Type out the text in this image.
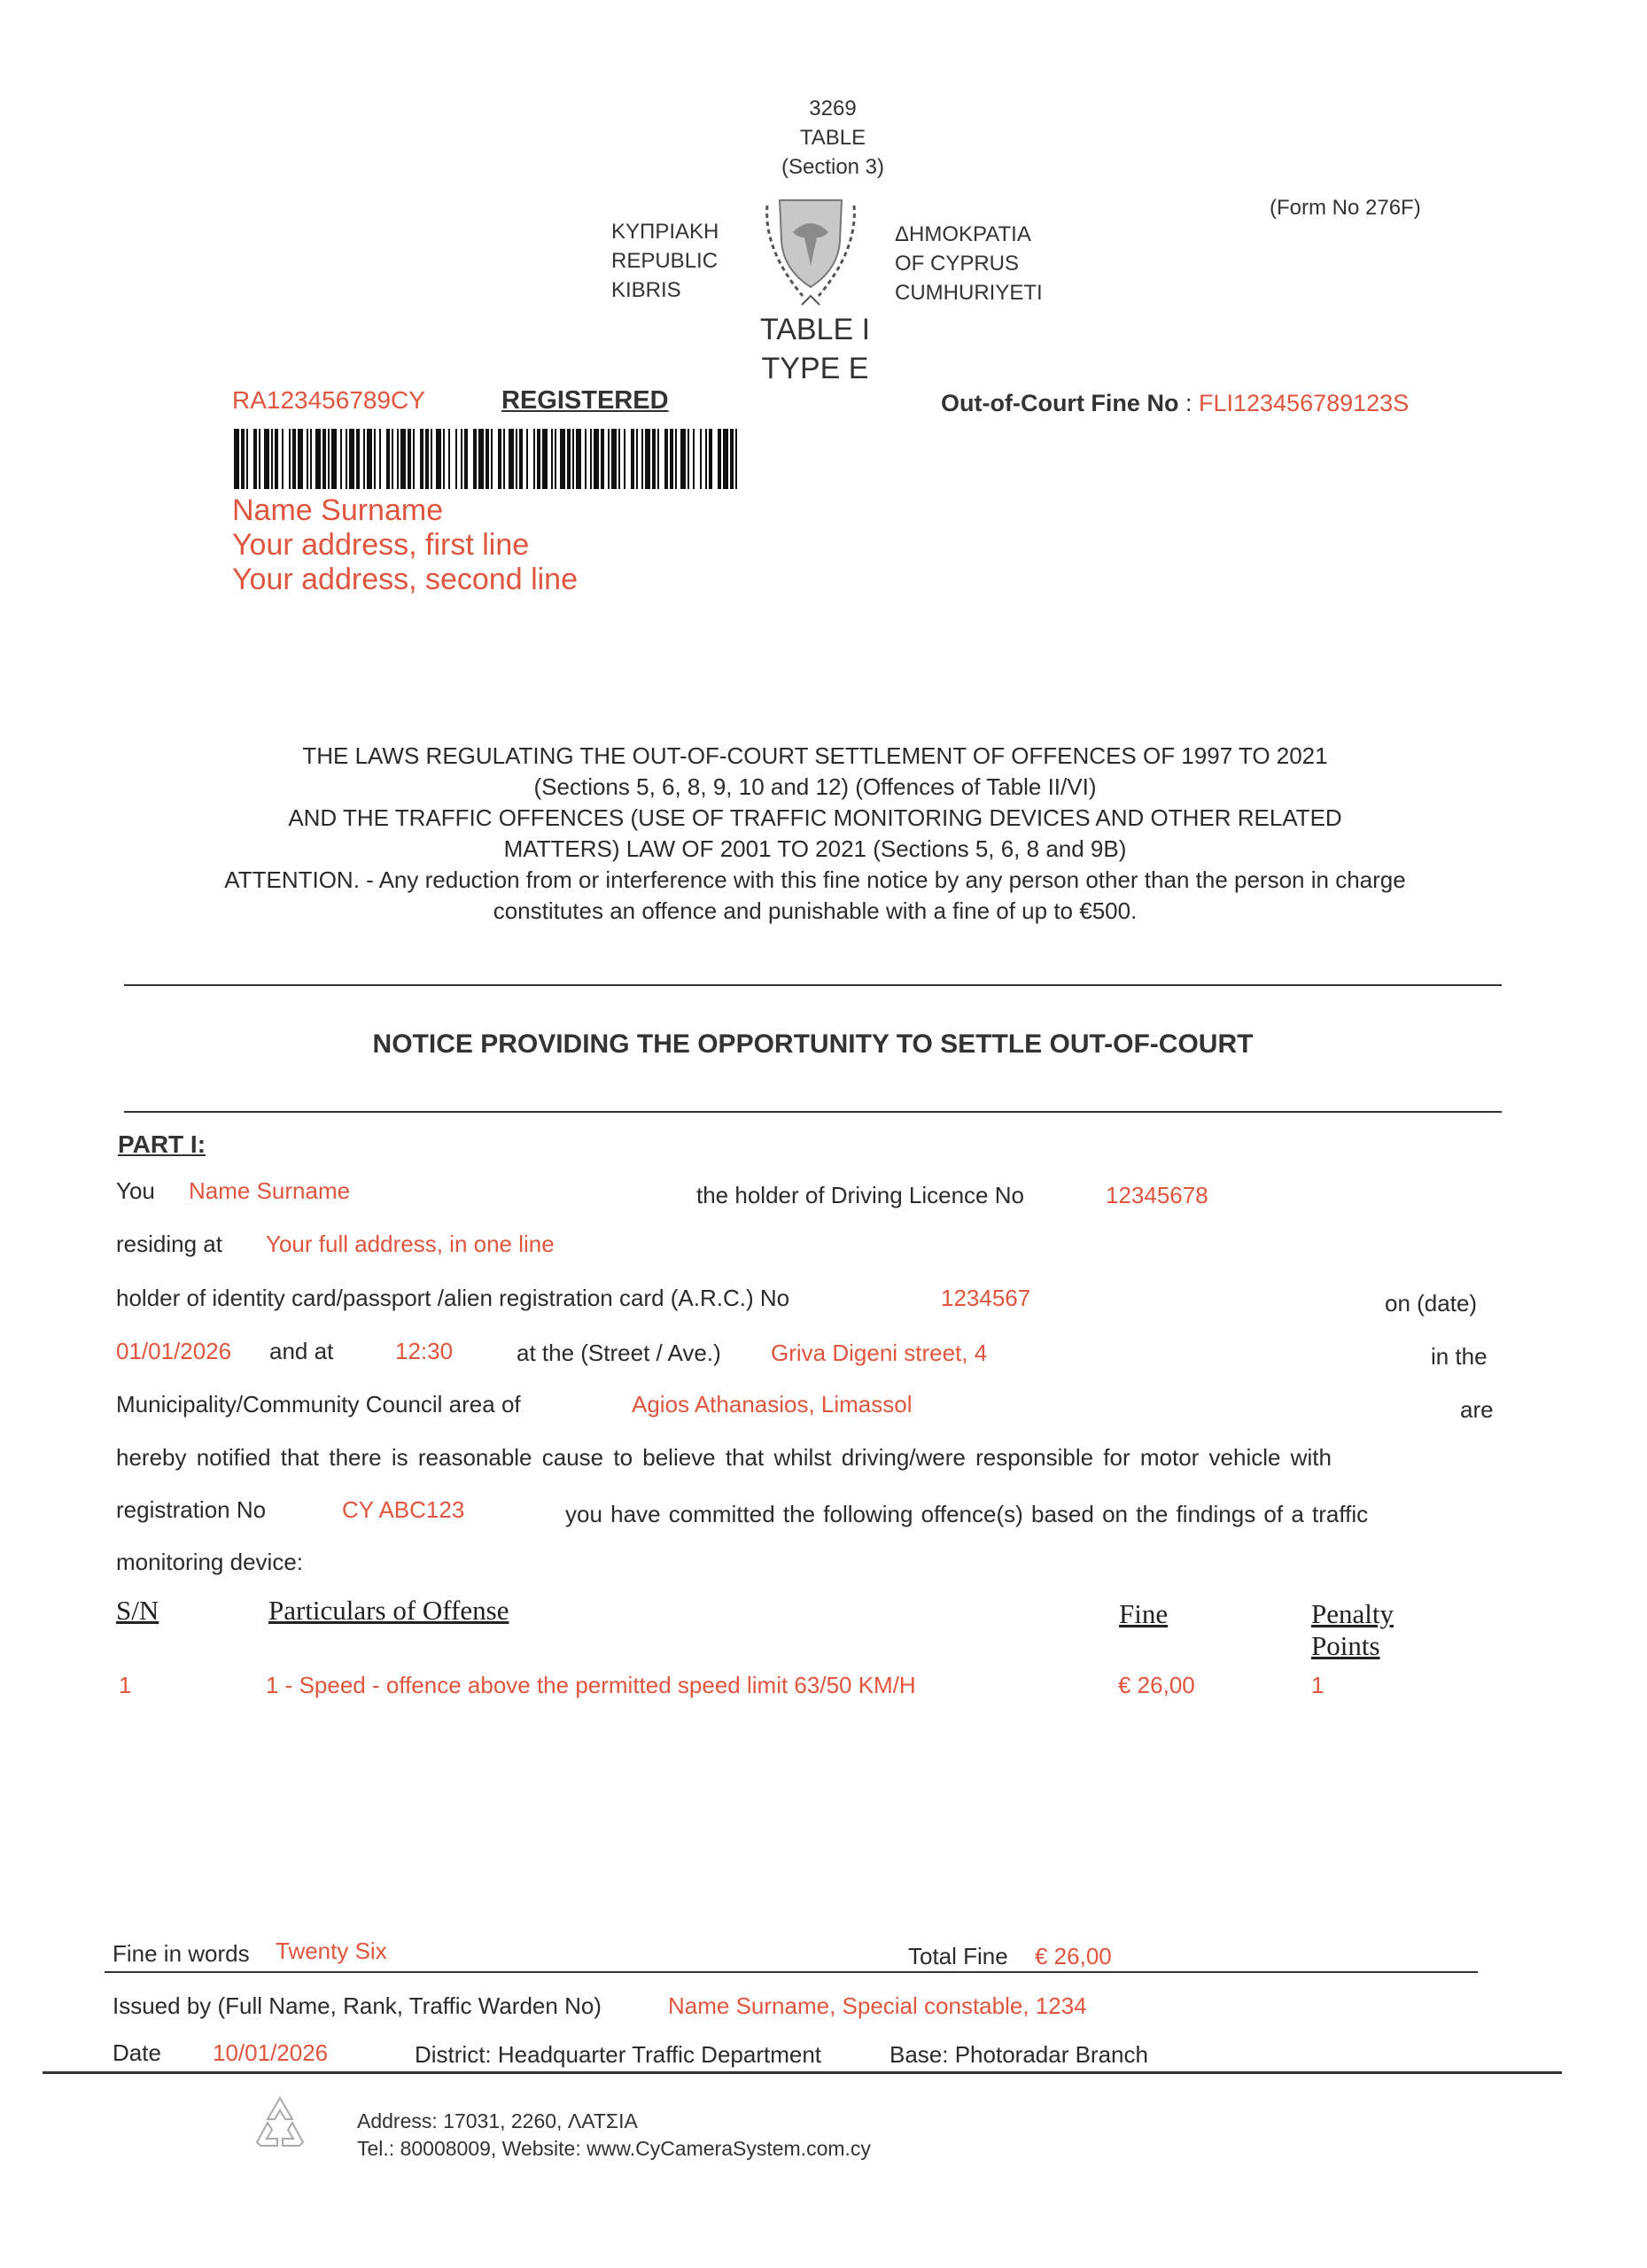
3269
TABLE
(Section 3)
ΚΥΠΡΙΑΚΗ
REPUBLIC
KIBRIS
ΔΗΜΟΚΡΑΤΙΑ
OF CYPRUS
CUMHURIYETI
(Form No 276F)
TABLE I
TYPE E
RA123456789CY	REGISTERED
Name Surname
Your address, first line
Your address, second line
Out-of-Court Fine No : FLI123456789123S
THE LAWS REGULATING THE OUT-OF-COURT SETTLEMENT OF OFFENCES OF 1997 TO 2021
(Sections 5, 6, 8, 9, 10 and 12) (Offences of Table II/VI)
AND THE TRAFFIC OFFENCES (USE OF TRAFFIC MONITORING DEVICES AND OTHER RELATED
MATTERS) LAW OF 2001 TO 2021 (Sections 5, 6, 8 and 9B)
ATTENTION. - Any reduction from or interference with this fine notice by any person other than the person in charge
constitutes an offence and punishable with a fine of up to €500.
NOTICE PROVIDING THE OPPORTUNITY TO SETTLE OUT-OF-COURT
PART I:
You Name Surname	the holder of Driving Licence No	12345678
residing at Your full address, in one line
holder of identity card/passport /alien registration card (A.R.C.) No	1234567	on (date)
01/01/2026 and at	12:30	at the (Street / Ave.) Griva Digeni street, 4	in the
Municipality/Community Council area of	Agios Athanasios, Limassol	are
hereby notified that there is reasonable cause to believe that whilst driving/were responsible for motor vehicle with
registration No	CY ABC123	you have committed the following offence(s) based on the findings of a traffic
monitoring device:
S/N	Particulars of Offense	Fine	Penalty
Points
1	1 - Speed - offence above the permitted speed limit 63/50 KM/H	€ 26,00	1
Fine in words Twenty Six	Total Fine € 26,00
Issued by (Full Name, Rank, Traffic Warden No)	Name Surname, Special constable, 1234
Date 10/01/2026	District: Headquarter Traffic Department	Base: Photoradar Branch
Address: 17031, 2260, ΛΑΤΣΙΑ
Tel.: 80008009, Website: www.CyCameraSystem.com.cy
